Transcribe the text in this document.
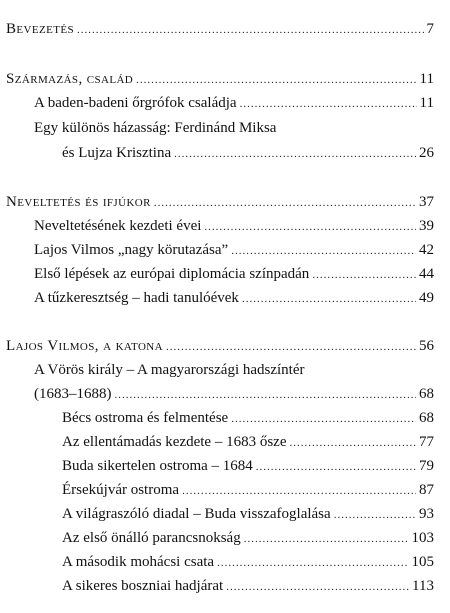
Bevezetés .....	7
Származás, család .....	11
A baden-badeni őrgrófok családja .....	11
Egy különös házasság: Ferdinánd Miksa
és Lujza Krisztina .....	26
Neveltetés és ifjúkor .....	37
Neveltetésének kezdeti évei .....	39
Lajos Vilmos „nagy körutazása” .....	42
Első lépések az európai diplomácia színpadán .....	44
A tűzkeresztség – hadi tanulóévek .....	49
Lajos Vilmos, a katona .....	56
A Vörös király – A magyarországi hadszíntér
(1683–1688) .....	68
Bécs ostroma és felmentése .....	68
Az ellentámadás kezdete – 1683 ősze .....	77
Buda sikertelen ostroma – 1684 .....	79
Érsekújvár ostroma .....	87
A világraszóló diadal – Buda visszafoglalása .....	93
Az első önálló parancsnokság .....	103
A második mohácsi csata .....	105
A sikeres boszniai hadjárat .....	113
